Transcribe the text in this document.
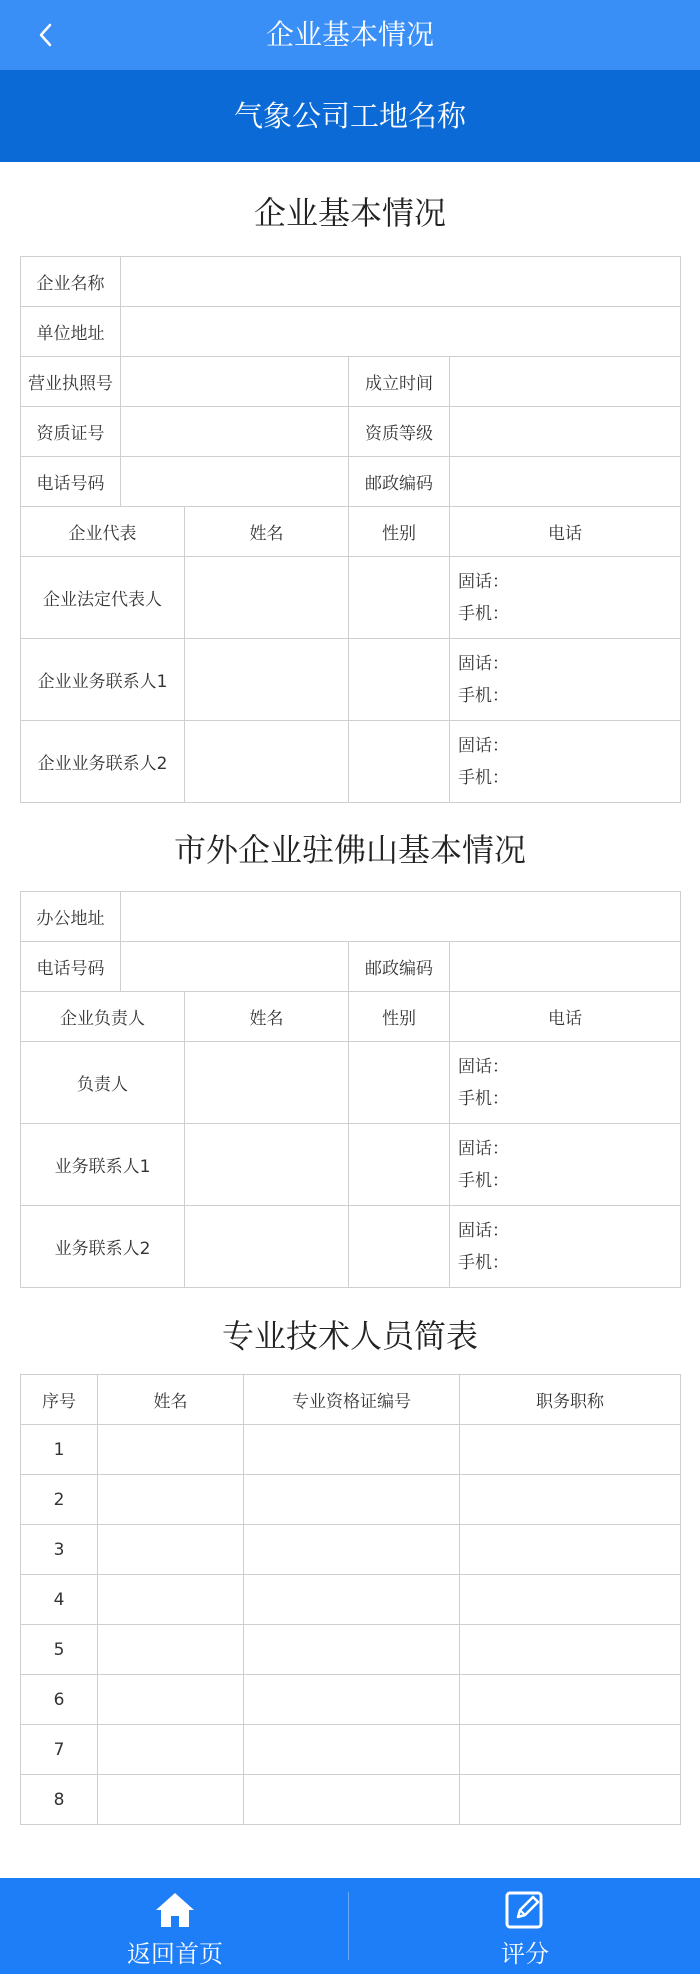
企业基本情况
气象公司工地名称
企业基本情况
企业名称				
单位地址				
营业执照号			成立时间	
资质证号			资质等级	
电话号码			邮政编码	
企业代表		姓名	性别	电话
企业法定代表人				固话：
手机：

企业业务联系人1				固话：
手机：

企业业务联系人2				固话：
手机：
市外企业驻佛山基本情况
办公地址				
电话号码			邮政编码	
企业负责人		姓名	性别	电话
负责人				固话：
手机：

业务联系人1				固话：
手机：

业务联系人2				固话：
手机：
专业技术人员简表
序号	姓名	专业资格证编号	职务职称
1			
2			
3			
4			
5			
6			
7			
8			
返回首页	评分
